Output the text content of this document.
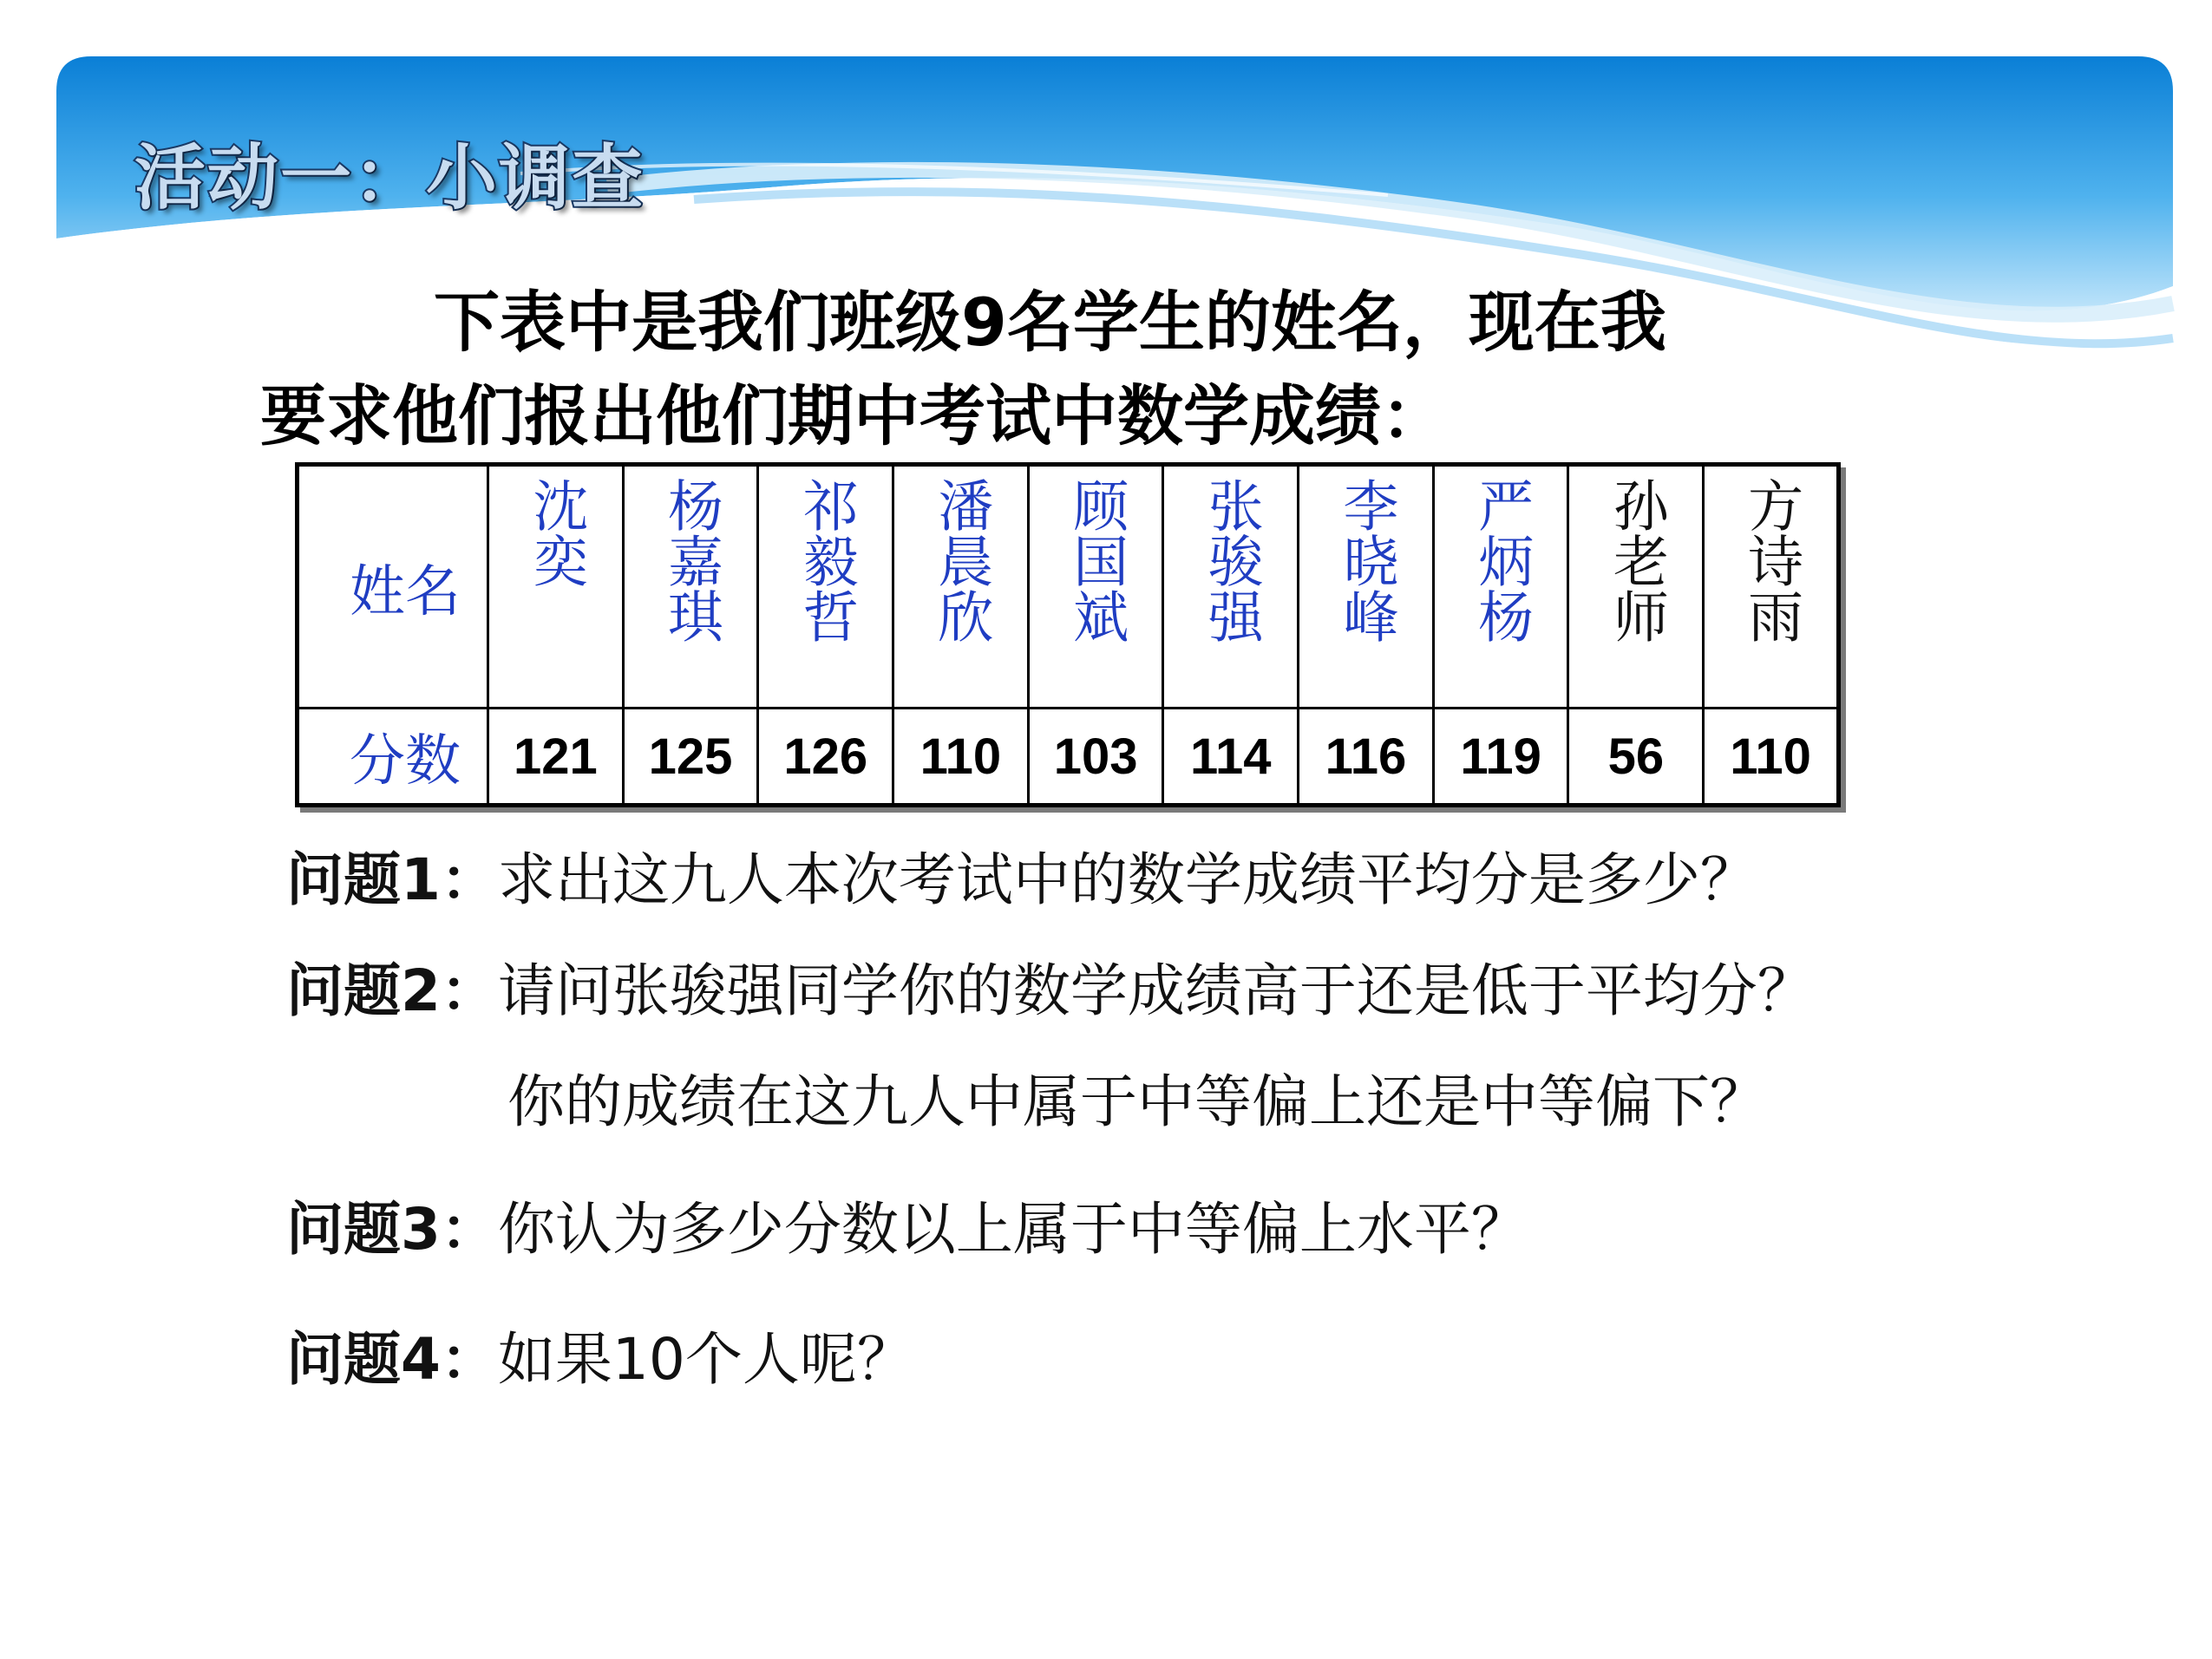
活动一：小调查
下表中是我们班级9名学生的姓名，现在我
要求他们报出他们期中考试中数学成绩：
姓名	沈奕	杨嘉琪	祁毅哲	潘晨欣	顾国斌	张骏强	李晓峰	严炳杨	孙老师	方诗雨

分数	121	125	126	110	103	114	116	119	56	110
问题1：求出这九人本次考试中的数学成绩平均分是多少？
问题2：请问张骏强同学你的数学成绩高于还是低于平均分？
你的成绩在这九人中属于中等偏上还是中等偏下？
问题3：你认为多少分数以上属于中等偏上水平？
问题4：如果10个人呢？
